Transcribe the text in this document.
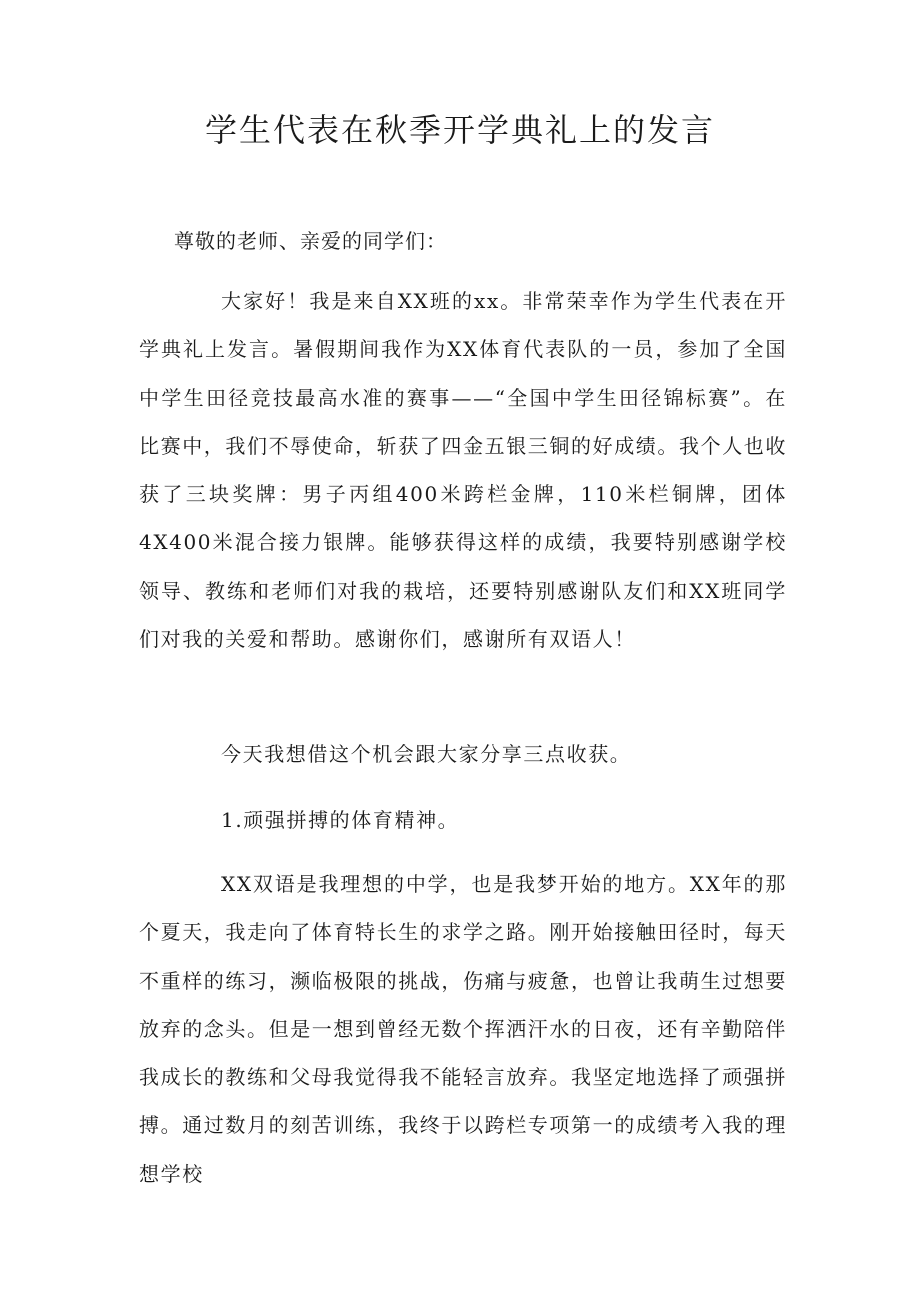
学生代表在秋季开学典礼上的发言

尊敬的老师、亲爱的同学们：

大家好！我是来自XX班的xx。非常荣幸作为学生代表在开学典礼上发言。暑假期间我作为XX体育代表队的一员，参加了全国中学生田径竞技最高水准的赛事——“全国中学生田径锦标赛”。在比赛中，我们不辱使命，斩获了四金五银三铜的好成绩。我个人也收获了三块奖牌：男子丙组400米跨栏金牌，110米栏铜牌，团体4X400米混合接力银牌。能够获得这样的成绩，我要特别感谢学校领导、教练和老师们对我的栽培，还要特别感谢队友们和XX班同学们对我的关爱和帮助。感谢你们，感谢所有双语人！

今天我想借这个机会跟大家分享三点收获。

1.顽强拼搏的体育精神。

XX双语是我理想的中学，也是我梦开始的地方。XX年的那个夏天，我走向了体育特长生的求学之路。刚开始接触田径时，每天不重样的练习，濒临极限的挑战，伤痛与疲惫，也曾让我萌生过想要放弃的念头。但是一想到曾经无数个挥洒汗水的日夜，还有辛勤陪伴我成长的教练和父母我觉得我不能轻言放弃。我坚定地选择了顽强拼搏。通过数月的刻苦训练，我终于以跨栏专项第一的成绩考入我的理想学校
